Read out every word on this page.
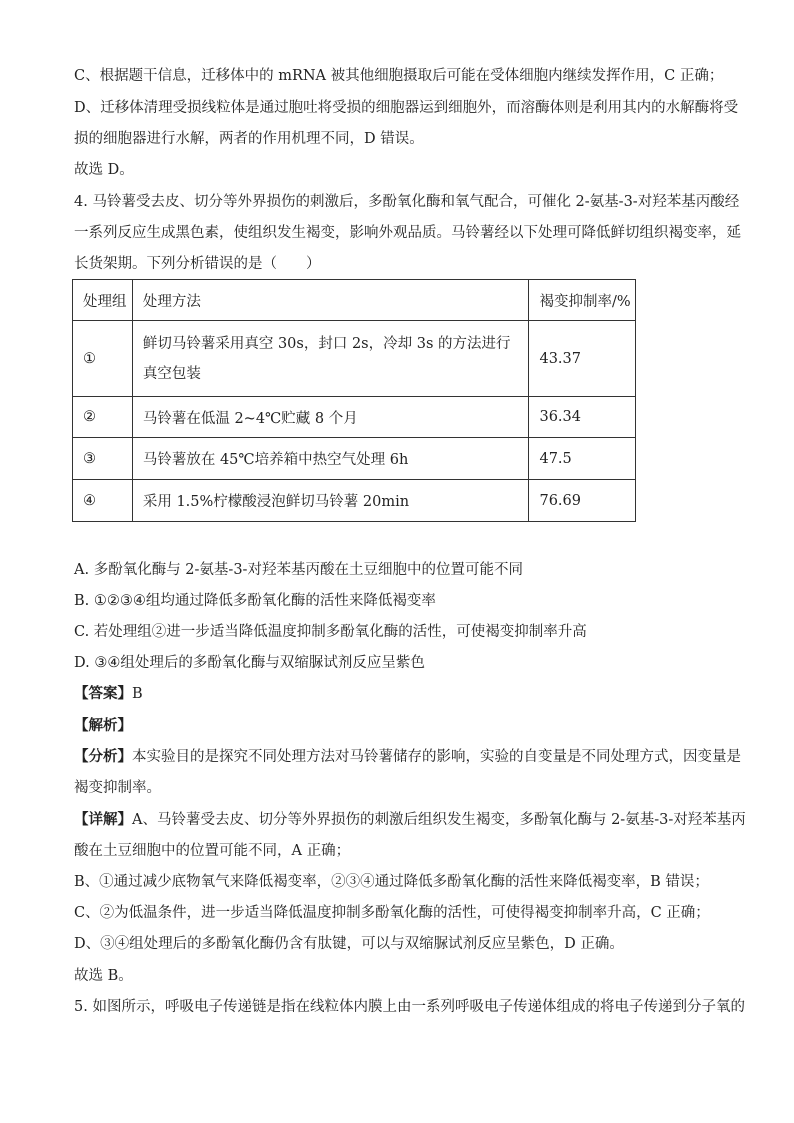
C、根据题干信息，迁移体中的 mRNA 被其他细胞摄取后可能在受体细胞内继续发挥作用，C 正确；
D、迁移体清理受损线粒体是通过胞吐将受损的细胞器运到细胞外，而溶酶体则是利用其内的水解酶将受
损的细胞器进行水解，两者的作用机理不同，D 错误。
故选 D。
4. 马铃薯受去皮、切分等外界损伤的刺激后，多酚氧化酶和氧气配合，可催化 2-氨基-3-对羟苯基丙酸经
一系列反应生成黑色素，使组织发生褐变，影响外观品质。马铃薯经以下处理可降低鲜切组织褐变率，延
长货架期。下列分析错误的是（　　）
处理组	处理方法	褐变抑制率/%
①	鲜切马铃薯采用真空 30s，封口 2s，冷却 3s 的方法进行真空包装	43.37
②	马铃薯在低温 2~4℃贮藏 8 个月	36.34
③	马铃薯放在 45℃培养箱中热空气处理 6h	47.5
④	采用 1.5%柠檬酸浸泡鲜切马铃薯 20min	76.69
A. 多酚氧化酶与 2-氨基-3-对羟苯基丙酸在土豆细胞中的位置可能不同
B. ①②③④组均通过降低多酚氧化酶的活性来降低褐变率
C. 若处理组②进一步适当降低温度抑制多酚氧化酶的活性，可使褐变抑制率升高
D. ③④组处理后的多酚氧化酶与双缩脲试剂反应呈紫色
【答案】B
【解析】
【分析】本实验目的是探究不同处理方法对马铃薯储存的影响，实验的自变量是不同处理方式，因变量是
褐变抑制率。
【详解】A、马铃薯受去皮、切分等外界损伤的刺激后组织发生褐变，多酚氧化酶与 2-氨基-3-对羟苯基丙
酸在土豆细胞中的位置可能不同，A 正确；
B、①通过减少底物氧气来降低褐变率，②③④通过降低多酚氧化酶的活性来降低褐变率，B 错误；
C、②为低温条件，进一步适当降低温度抑制多酚氧化酶的活性，可使得褐变抑制率升高，C 正确；
D、③④组处理后的多酚氧化酶仍含有肽键，可以与双缩脲试剂反应呈紫色，D 正确。
故选 B。
5. 如图所示，呼吸电子传递链是指在线粒体内膜上由一系列呼吸电子传递体组成的将电子传递到分子氧的
